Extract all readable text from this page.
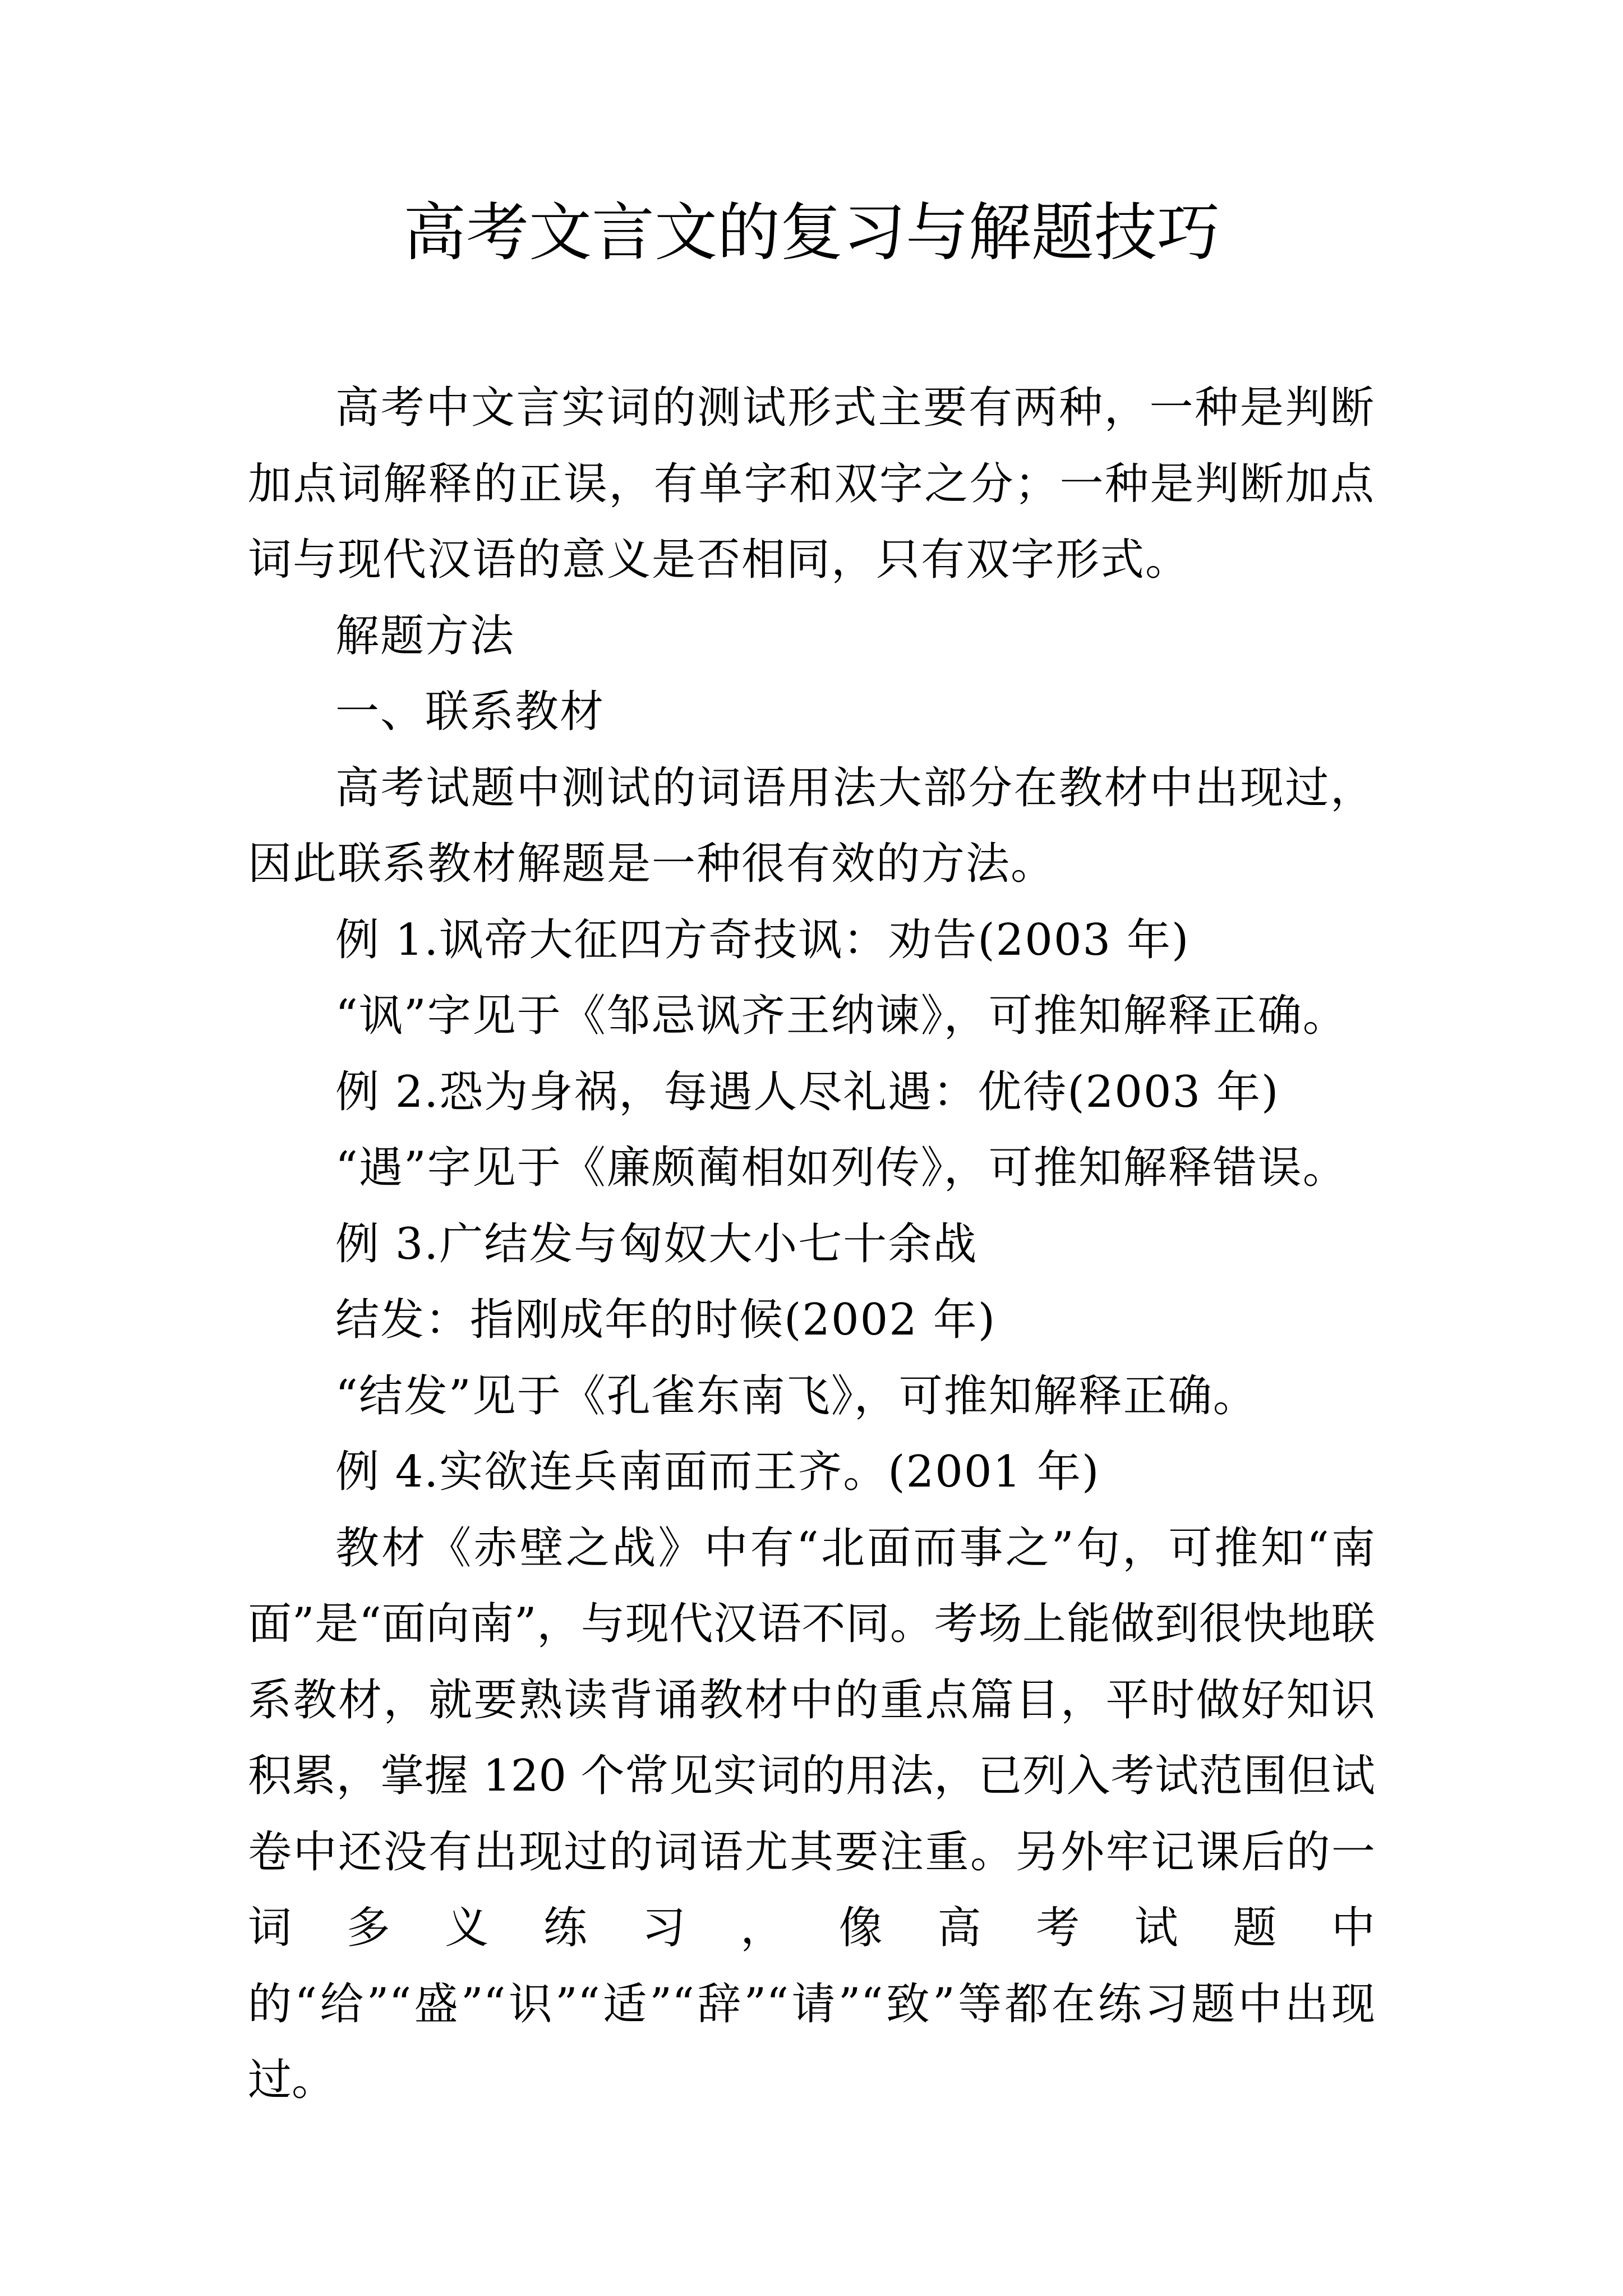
高考文言文的复习与解题技巧

高考中文言实词的测试形式主要有两种，一种是判断加点词解释的正误，有单字和双字之分；一种是判断加点词与现代汉语的意义是否相同，只有双字形式。

解题方法

一、联系教材

高考试题中测试的词语用法大部分在教材中出现过，因此联系教材解题是一种很有效的方法。

例 1.讽帝大征四方奇技讽：劝告(2003 年)

“讽”字见于《邹忌讽齐王纳谏》，可推知解释正确。

例 2.恐为身祸，每遇人尽礼遇：优待(2003 年)

“遇”字见于《廉颇蔺相如列传》，可推知解释错误。

例 3.广结发与匈奴大小七十余战

结发：指刚成年的时候(2002 年)

“结发”见于《孔雀东南飞》，可推知解释正确。

例 4.实欲连兵南面而王齐。(2001 年)

教材《赤壁之战》中有“北面而事之”句，可推知“南面”是“面向南”，与现代汉语不同。考场上能做到很快地联系教材，就要熟读背诵教材中的重点篇目，平时做好知识积累，掌握 120 个常见实词的用法，已列入考试范围但试卷中还没有出现过的词语尤其要注重。另外牢记课后的一词多义练习，像高考试题中的“给”“盛”“识”“适”“辞”“请”“致”等都在练习题中出现过。
